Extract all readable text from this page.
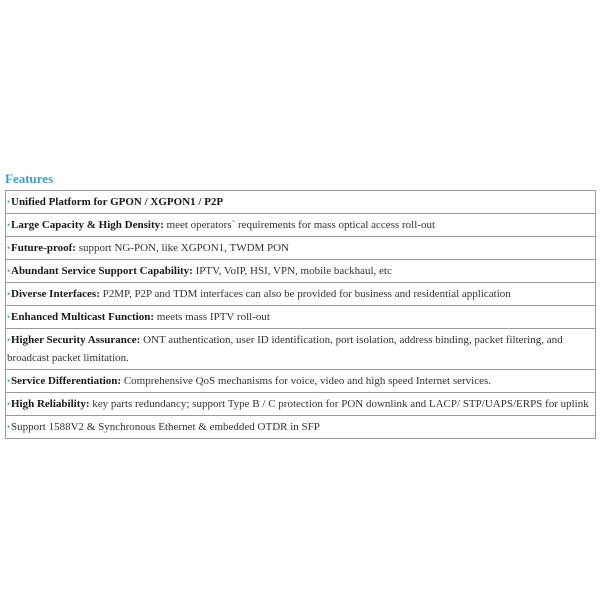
Features
•Unified Platform for GPON / XGPON1 / P2P
•Large Capacity & High Density: meet operators` requirements for mass optical access roll-out
•Future-proof: support NG-PON, like XGPON1, TWDM PON
•Abundant Service Support Capability: IPTV, VoIP, HSI, VPN, mobile backhaul, etc
•Diverse Interfaces: P2MP, P2P and TDM interfaces can also be provided for business and residential application
•Enhanced Multicast Function: meets mass IPTV roll-out
•Higher Security Assurance: ONT authentication, user ID identification, port isolation, address binding, packet filtering, and broadcast packet limitation.
•Service Differentiation: Comprehensive QoS mechanisms for voice, video and high speed Internet services.
•High Reliability: key parts redundancy; support Type B / C protection for PON downlink and LACP/ STP/UAPS/ERPS for uplink
•Support 1588V2 & Synchronous Ethernet & embedded OTDR in SFP
